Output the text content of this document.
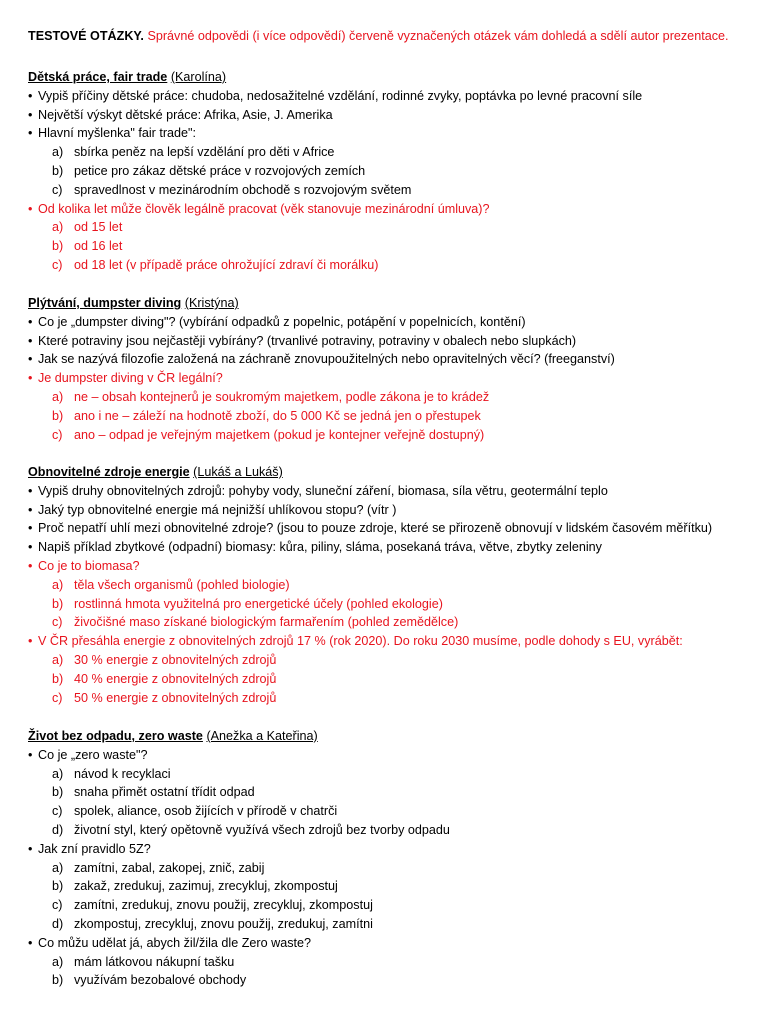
TESTOVÉ OTÁZKY. Správné odpovědi (i více odpovědí) červeně vyznačených otázek vám dohledá a sdělí autor prezentace.
Dětská práce, fair trade (Karolína)
• Vypiš příčiny dětské práce: chudoba, nedosažitelné vzdělání, rodinné zvyky, poptávka po levné pracovní síle
• Největší výskyt dětské práce: Afrika, Asie, J. Amerika
• Hlavní myšlenka" fair trade":
a) sbírka peněz na lepší vzdělání pro děti v Africe
b) petice pro zákaz dětské práce v rozvojových zemích
c) spravedlnost v mezinárodním obchodě s rozvojovým světem
• Od kolika let může člověk legálně pracovat (věk stanovuje mezinárodní úmluva)?
a) od 15 let
b) od 16 let
c) od 18 let (v případě práce ohrožující zdraví či morálku)
Plýtvání, dumpster diving (Kristýna)
• Co je „dumpster diving"? (vybírání odpadků z popelnic, potápění v popelnicích, kontění)
• Které potraviny jsou nejčastěji vybírány? (trvanlivé potraviny, potraviny v obalech nebo slupkách)
• Jak se nazývá filozofie založená na záchraně znovupoužitelných nebo opravitelných věcí? (freeganství)
• Je dumpster diving v ČR legální?
a) ne – obsah kontejnerů je soukromým majetkem, podle zákona je to krádež
b) ano i ne – záleží na hodnotě zboží, do 5 000 Kč se jedná jen o přestupek
c) ano – odpad je veřejným majetkem (pokud je kontejner veřejně dostupný)
Obnovitelné zdroje energie (Lukáš a Lukáš)
• Vypiš druhy obnovitelných zdrojů: pohyby vody, sluneční záření, biomasa, síla větru, geotermální teplo
• Jaký typ obnovitelné energie má nejnižší uhlíkovou stopu? (vítr )
• Proč nepatří uhlí mezi obnovitelné zdroje? (jsou to pouze zdroje, které se přirozeně obnovují v lidském časovém měřítku)
• Napiš příklad zbytkové (odpadní) biomasy: kůra, piliny, sláma, posekaná tráva, větve, zbytky zeleniny
• Co je to biomasa?
a) těla všech organismů (pohled biologie)
b) rostlinná hmota využitelná pro energetické účely (pohled ekologie)
c) živočišné maso získané biologickým farmařením (pohled zemědělce)
• V ČR přesáhla energie z obnovitelných zdrojů 17 % (rok 2020). Do roku 2030 musíme, podle dohody s EU, vyrábět:
a) 30 % energie z obnovitelných zdrojů
b) 40 % energie z obnovitelných zdrojů
c) 50 % energie z obnovitelných zdrojů
Život bez odpadu, zero waste (Anežka a Kateřina)
• Co je „zero waste"?
a) návod k recyklaci
b) snaha přimět ostatní třídit odpad
c) spolek, aliance, osob žijících v přírodě v chatrči
d) životní styl, který opětovně využívá všech zdrojů bez tvorby odpadu
• Jak zní pravidlo 5Z?
a) zamítni, zabal, zakopej, znič, zabij
b) zakaž, zredukuj, zazimuj, zrecykluj, zkompostuj
c) zamítni, zredukuj, znovu použij, zrecykluj, zkompostuj
d) zkompostuj, zrecykluj, znovu použij, zredukuj, zamítni
• Co můžu udělat já, abych žil/žila dle Zero waste?
a) mám látkovou nákupní tašku
b) využívám bezobalové obchody
